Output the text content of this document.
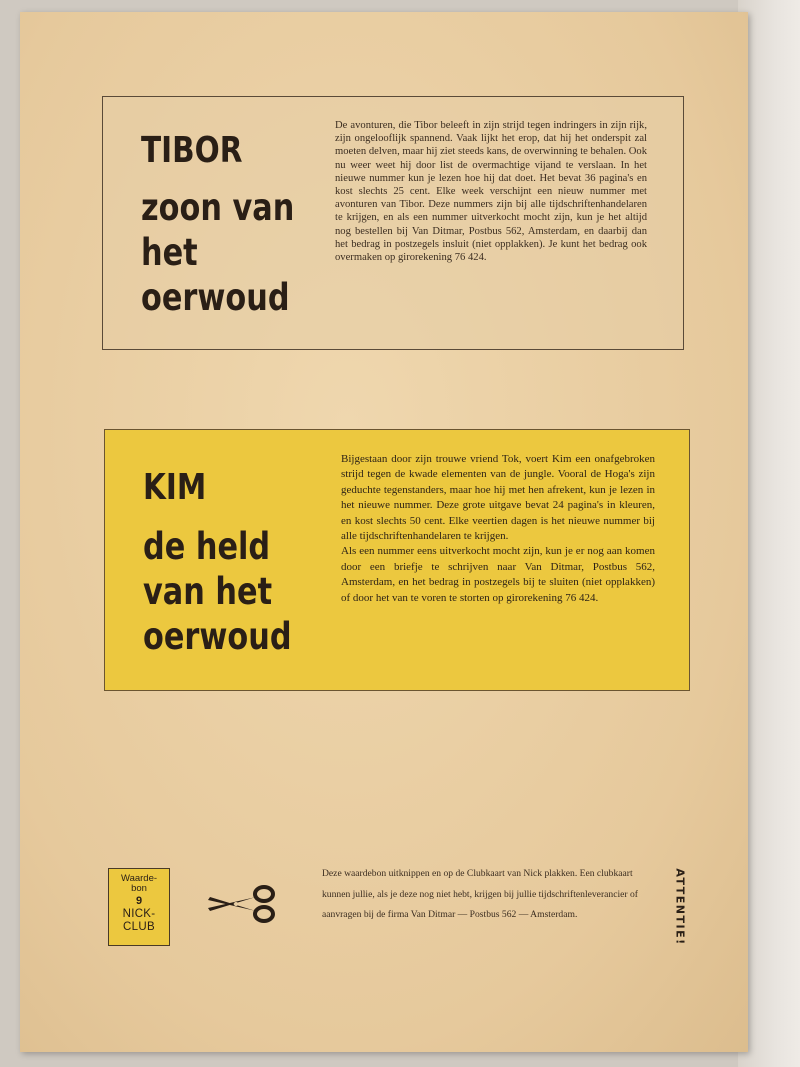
TIBOR
zoon van
het
oerwoud
De avonturen, die Tibor beleeft in zijn strijd tegen indringers in zijn rijk, zijn ongelooflijk spannend. Vaak lijkt het erop, dat hij het onderspit zal moeten delven, maar hij ziet steeds kans, de overwinning te behalen. Ook nu weer weet hij door list de overmachtige vijand te verslaan. In het nieuwe nummer kun je lezen hoe hij dat doet. Het bevat 36 pagina's en kost slechts 25 cent. Elke week verschijnt een nieuw nummer met avonturen van Tibor. Deze nummers zijn bij alle tijdschriftenhandelaren te krijgen, en als een nummer uitverkocht mocht zijn, kun je het altijd nog bestellen bij Van Ditmar, Postbus 562, Amsterdam, en daarbij dan het bedrag in postzegels insluit (niet opplakken). Je kunt het bedrag ook overmaken op girorekening 76 424.
KIM
de held
van het
oerwoud
Bijgestaan door zijn trouwe vriend Tok, voert Kim een onafgebroken strijd tegen de kwade elementen van de jungle. Vooral de Hoga's zijn geduchte tegenstanders, maar hoe hij met hen afrekent, kun je lezen in het nieuwe nummer. Deze grote uitgave bevat 24 pagina's in kleuren, en kost slechts 50 cent. Elke veertien dagen is het nieuwe nummer bij alle tijdschriftenhandelaren te krijgen.
Als een nummer eens uitverkocht mocht zijn, kun je er nog aan komen door een briefje te schrijven naar Van Ditmar, Postbus 562, Amsterdam, en het bedrag in postzegels bij te sluiten (niet opplakken) of door het van te voren te storten op girorekening 76 424.
Waarde-
bon
9
NICK-
CLUB
Deze waardebon uitknippen en op de Clubkaart van Nick plakken. Een clubkaart kunnen jullie, als je deze nog niet hebt, krijgen bij jullie tijdschriftenleverancier of aanvragen bij de firma Van Ditmar — Postbus 562 — Amsterdam.	ATTENTIE!
